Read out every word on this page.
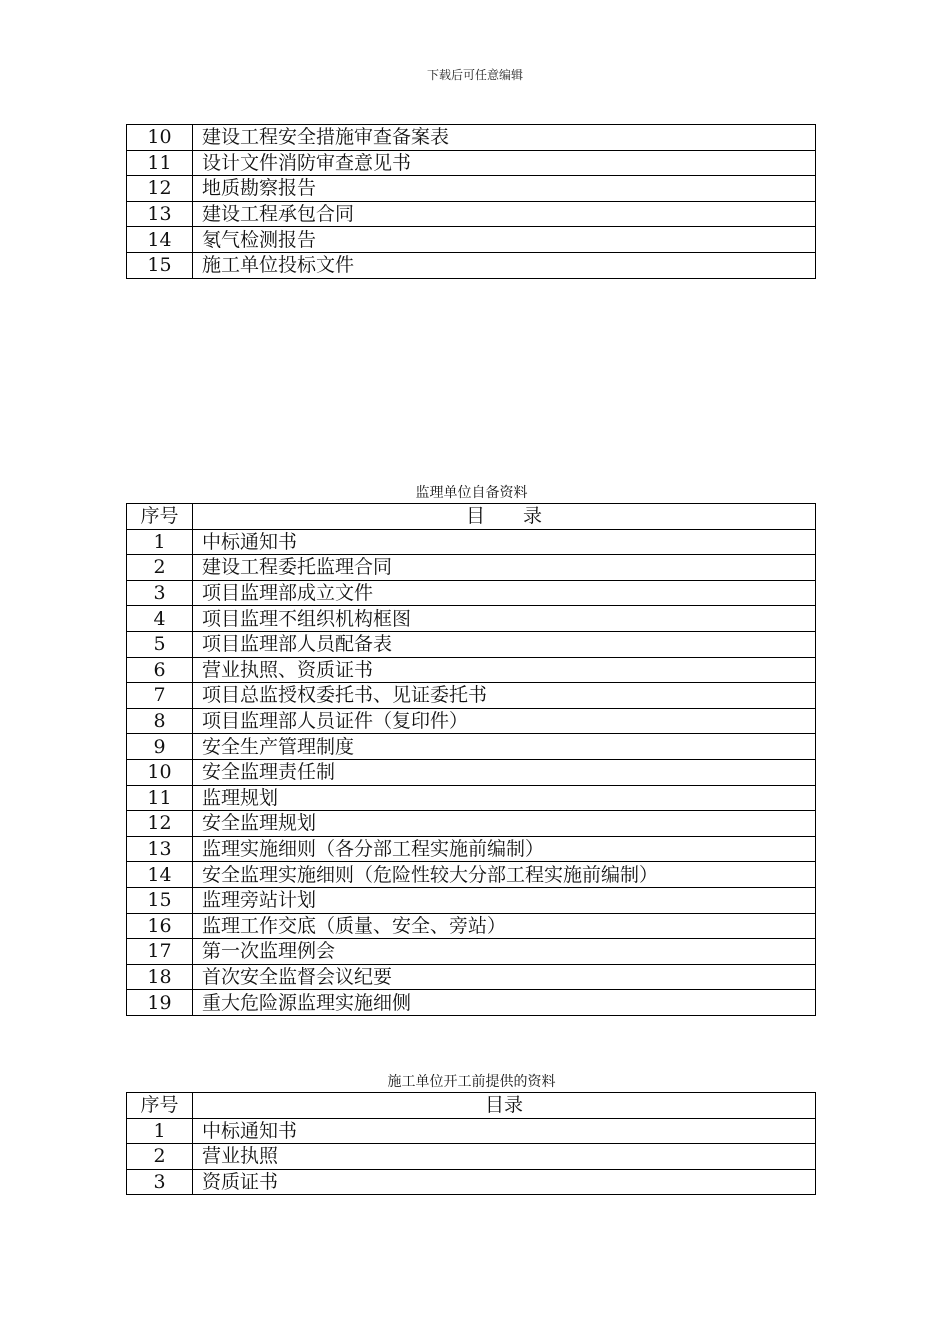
下载后可任意编辑
10	建设工程安全措施审查备案表
11	设计文件消防审查意见书
12	地质勘察报告
13	建设工程承包合同
14	氡气检测报告
15	施工单位投标文件
监理单位自备资料
序号	目　　录
1	中标通知书
2	建设工程委托监理合同
3	项目监理部成立文件
4	项目监理不组织机构框图
5	项目监理部人员配备表
6	营业执照、资质证书
7	项目总监授权委托书、见证委托书
8	项目监理部人员证件（复印件）
9	安全生产管理制度
10	安全监理责任制
11	监理规划
12	安全监理规划
13	监理实施细则（各分部工程实施前编制）
14	安全监理实施细则（危险性较大分部工程实施前编制）
15	监理旁站计划
16	监理工作交底（质量、安全、旁站）
17	第一次监理例会
18	首次安全监督会议纪要
19	重大危险源监理实施细侧
施工单位开工前提供的资料
序号	目录
1	中标通知书
2	营业执照
3	资质证书
